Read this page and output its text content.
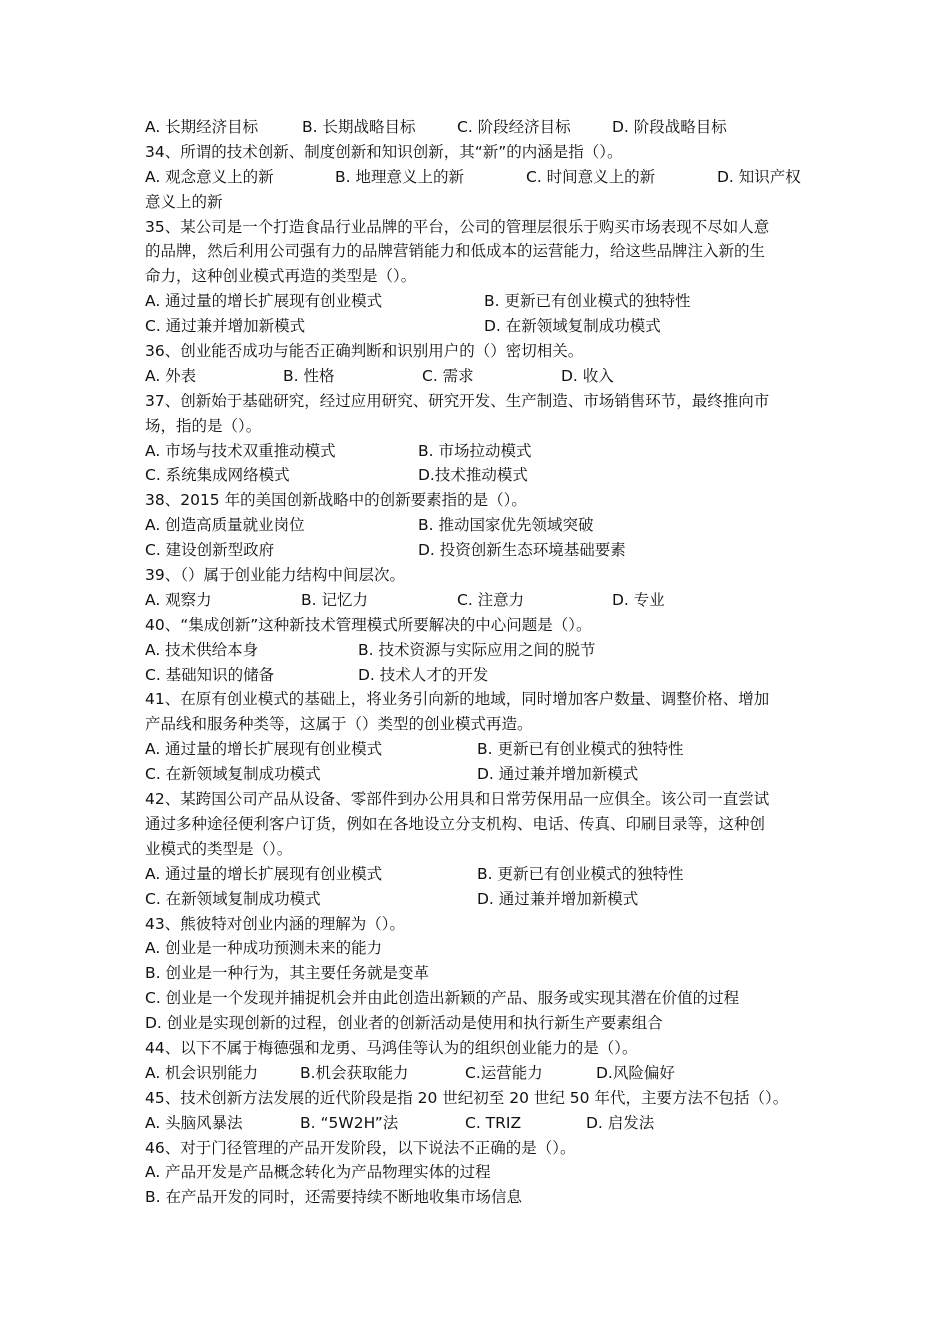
A. 长期经济目标	B. 长期战略目标	C. 阶段经济目标	D. 阶段战略目标
34、所谓的技术创新、制度创新和知识创新，其“新”的内涵是指（）。
A. 观念意义上的新	B. 地理意义上的新	C. 时间意义上的新	D. 知识产权
意义上的新
35、某公司是一个打造食品行业品牌的平台，公司的管理层很乐于购买市场表现不尽如人意
的品牌，然后利用公司强有力的品牌营销能力和低成本的运营能力，给这些品牌注入新的生
命力，这种创业模式再造的类型是（）。
A. 通过量的增长扩展现有创业模式	B. 更新已有创业模式的独特性
C. 通过兼并增加新模式	D. 在新领域复制成功模式
36、创业能否成功与能否正确判断和识别用户的（）密切相关。
A. 外表	B. 性格	C. 需求	D. 收入
37、创新始于基础研究，经过应用研究、研究开发、生产制造、市场销售环节，最终推向市
场，指的是（）。
A. 市场与技术双重推动模式	B. 市场拉动模式
C. 系统集成网络模式	D.技术推动模式
38、2015 年的美国创新战略中的创新要素指的是（）。
A. 创造高质量就业岗位	B. 推动国家优先领域突破
C. 建设创新型政府	D. 投资创新生态环境基础要素
39、（）属于创业能力结构中间层次。
A. 观察力	B. 记忆力	C. 注意力	D. 专业
40、“集成创新”这种新技术管理模式所要解决的中心问题是（）。
A. 技术供给本身	B. 技术资源与实际应用之间的脱节
C. 基础知识的储备	D. 技术人才的开发
41、在原有创业模式的基础上，将业务引向新的地域，同时增加客户数量、调整价格、增加
产品线和服务种类等，这属于（）类型的创业模式再造。
A. 通过量的增长扩展现有创业模式	B. 更新已有创业模式的独特性
C. 在新领域复制成功模式	D. 通过兼并增加新模式
42、某跨国公司产品从设备、零部件到办公用具和日常劳保用品一应俱全。该公司一直尝试
通过多种途径便利客户订货，例如在各地设立分支机构、电话、传真、印刷目录等，这种创
业模式的类型是（）。
A. 通过量的增长扩展现有创业模式	B. 更新已有创业模式的独特性
C. 在新领域复制成功模式	D. 通过兼并增加新模式
43、熊彼特对创业内涵的理解为（）。
A. 创业是一种成功预测未来的能力
B. 创业是一种行为，其主要任务就是变革
C. 创业是一个发现并捕捉机会并由此创造出新颖的产品、服务或实现其潜在价值的过程
D. 创业是实现创新的过程，创业者的创新活动是使用和执行新生产要素组合
44、以下不属于梅德强和龙勇、马鸿佳等认为的组织创业能力的是（）。
A. 机会识别能力	B.机会获取能力	C.运营能力	D.风险偏好
45、技术创新方法发展的近代阶段是指 20 世纪初至 20 世纪 50 年代，主要方法不包括（）。
A. 头脑风暴法	B. “5W2H”法	C. TRIZ	D. 启发法
46、对于门径管理的产品开发阶段，以下说法不正确的是（）。
A. 产品开发是产品概念转化为产品物理实体的过程
B. 在产品开发的同时，还需要持续不断地收集市场信息
